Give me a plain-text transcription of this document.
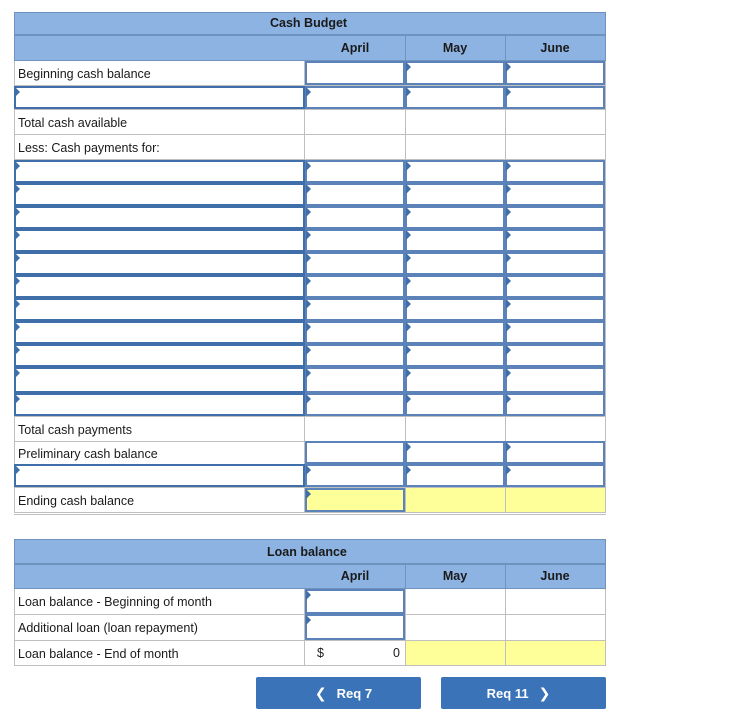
Cash Budget
April	May	June
Beginning cash balance
Total cash available
Less: Cash payments for:
Total cash payments
Preliminary cash balance
Ending cash balance
Loan balance
April	May	June
Loan balance - Beginning of month
Additional loan (loan repayment)
Loan balance - End of month	$	0
❮ Req 7	Req 11 ❯
